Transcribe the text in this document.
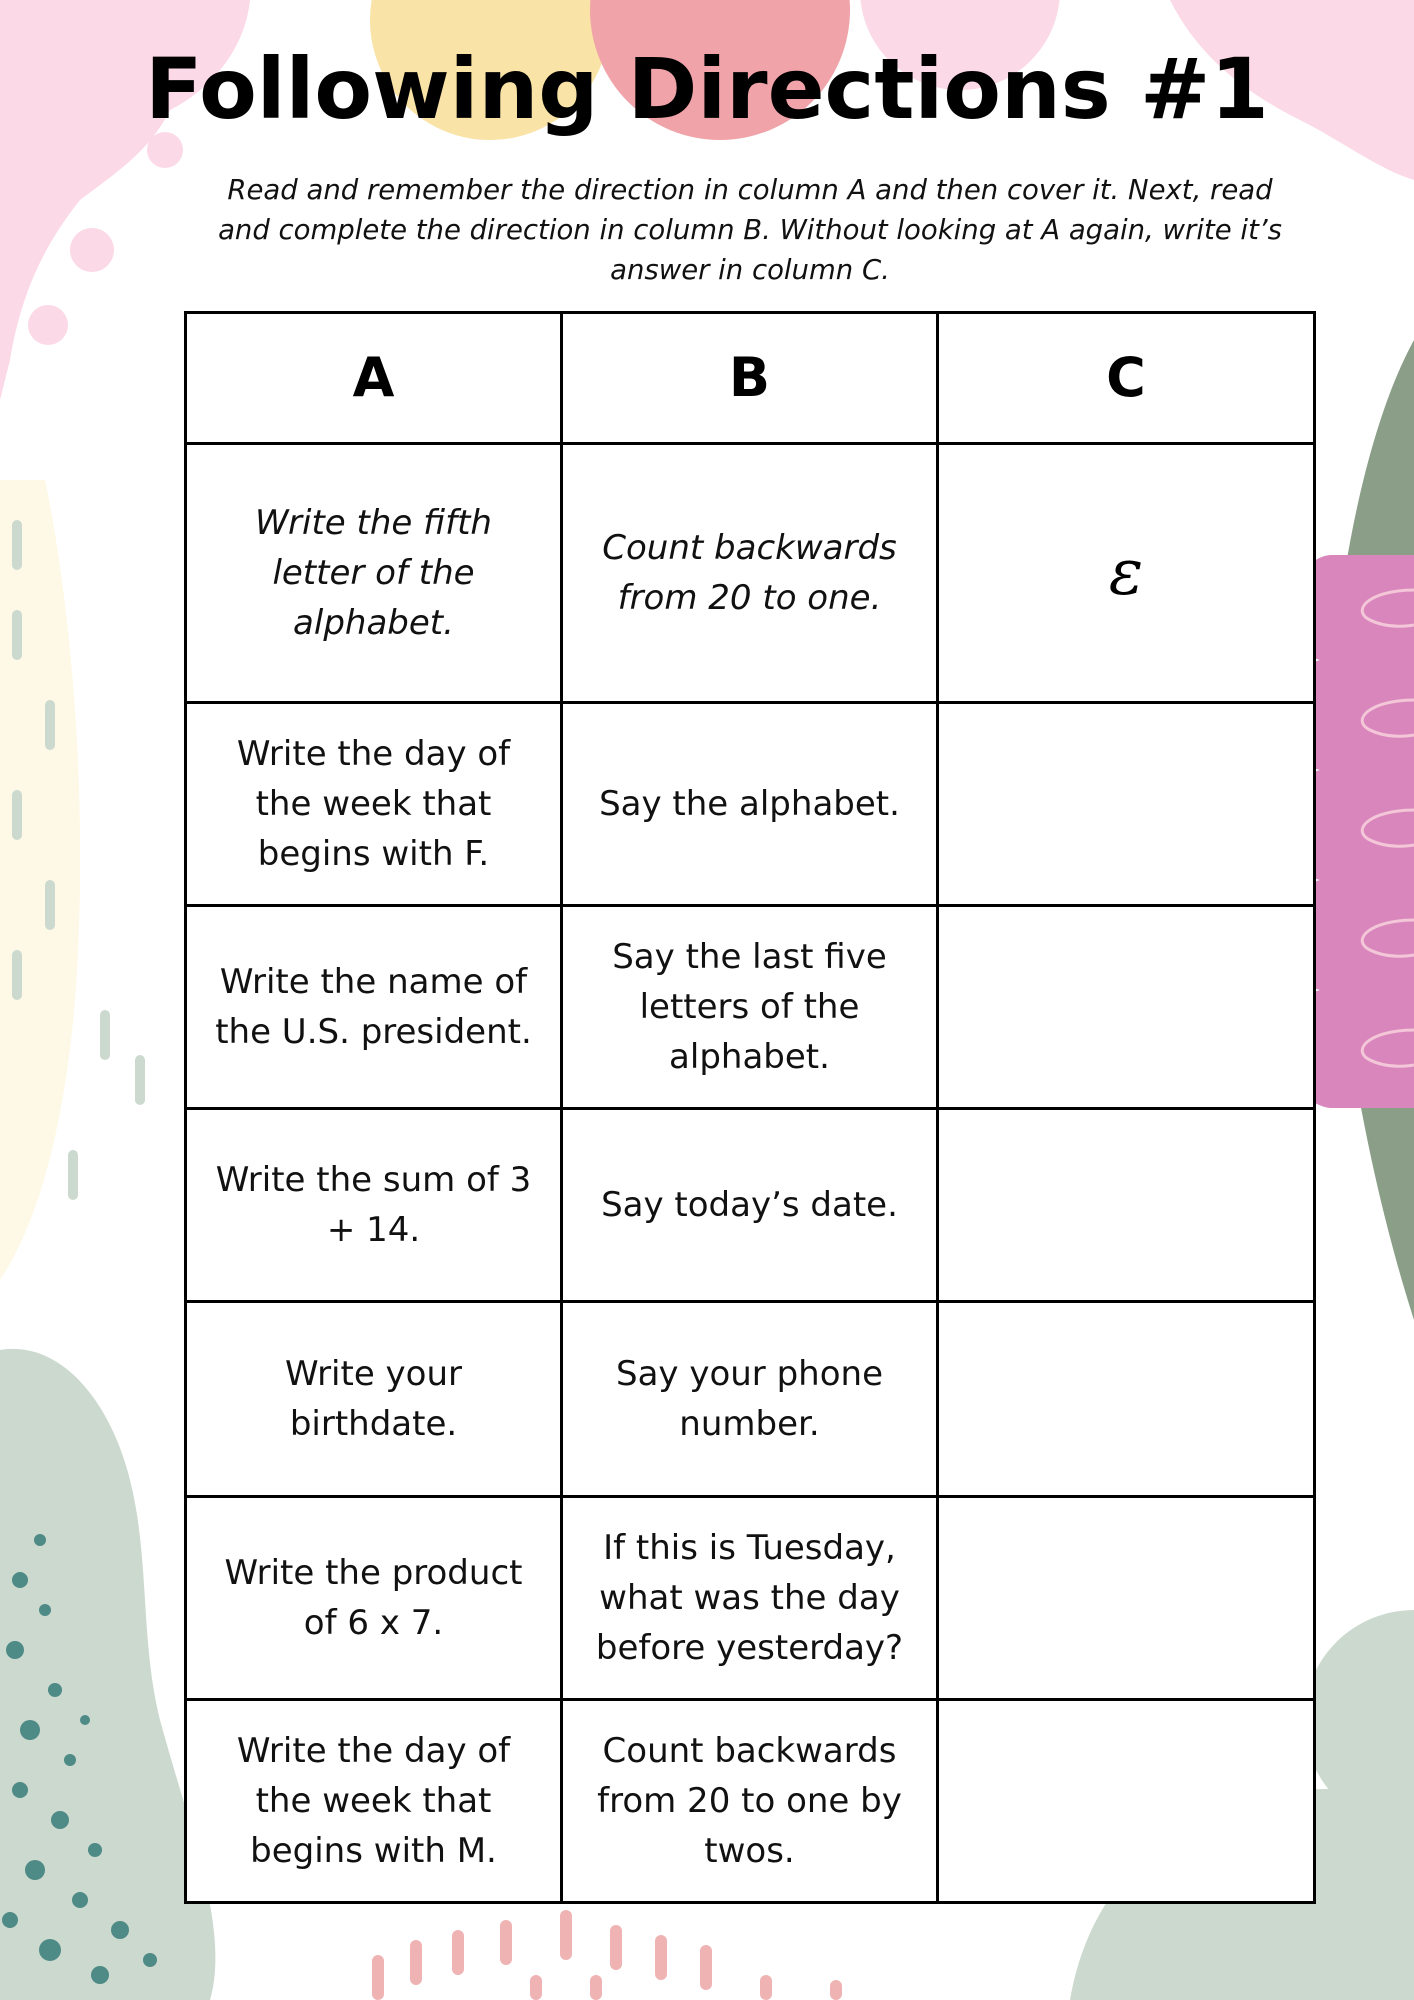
Following Directions #1
Read and remember the direction in column A and then cover it. Next, read and complete the direction in column B. Without looking at A again, write it’s answer in column C.
A	B	C
Write the fifth letter of the alphabet.	Count backwards from 20 to one.	ɛ
Write the day of the week that begins with F.	Say the alphabet.	
Write the name of the U.S. president.	Say the last five letters of the alphabet.	
Write the sum of 3 + 14.	Say today’s date.	
Write your birthdate.	Say your phone number.	
Write the product of 6 x 7.	If this is Tuesday, what was the day before yesterday?	
Write the day of the week that begins with M.	Count backwards from 20 to one by twos.	
